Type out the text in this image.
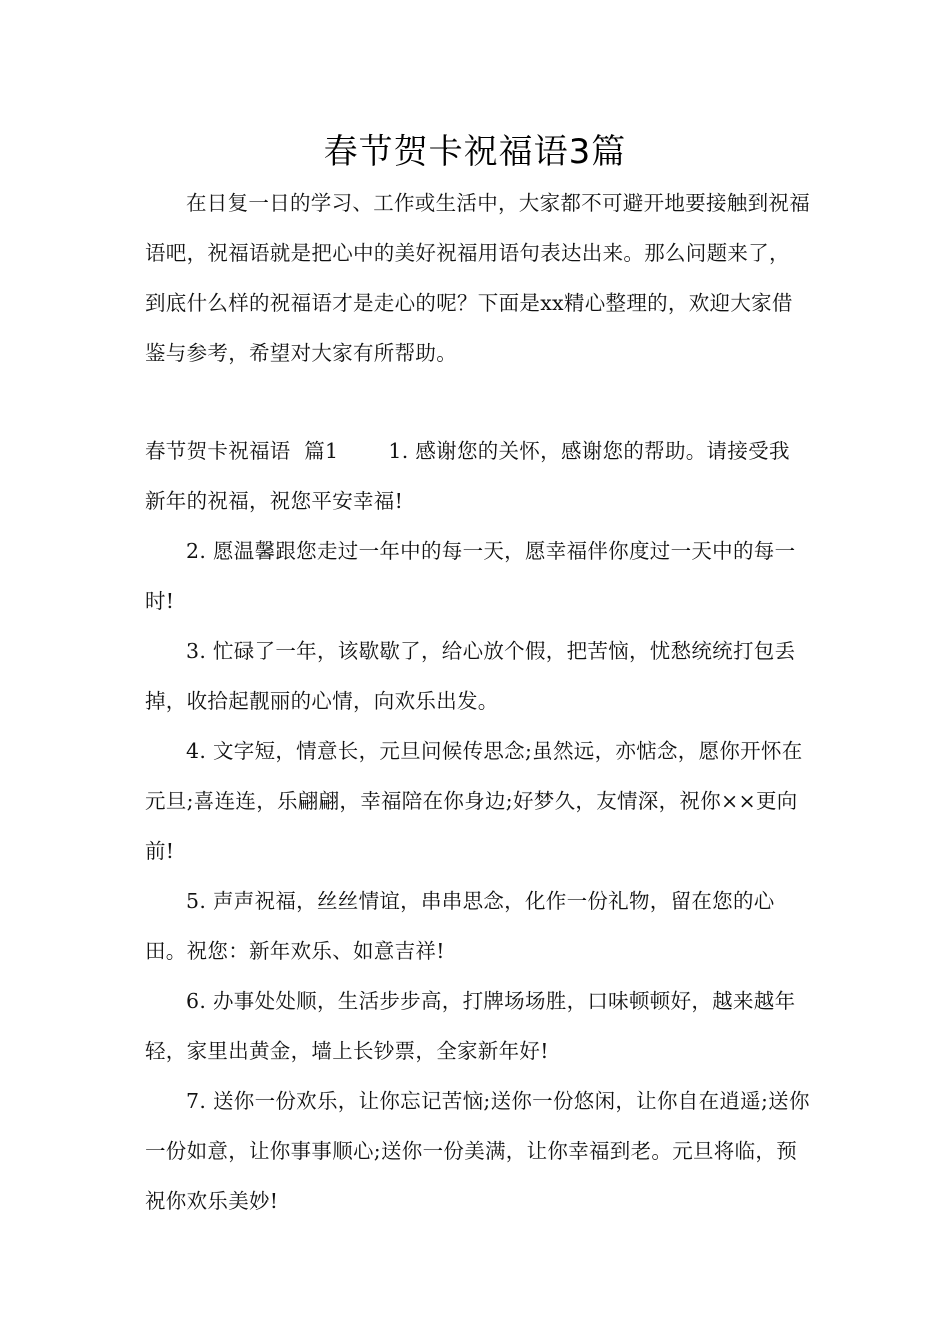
春节贺卡祝福语3篇

在日复一日的学习、工作或生活中，大家都不可避开地要接触到祝福语吧，祝福语就是把心中的美好祝福用语句表达出来。那么问题来了，到底什么样的祝福语才是走心的呢？下面是xx精心整理的，欢迎大家借鉴与参考，希望对大家有所帮助。

春节贺卡祝福语  篇1 1. 感谢您的关怀，感谢您的帮助。请接受我新年的祝福，祝您平安幸福!

2. 愿温馨跟您走过一年中的每一天，愿幸福伴你度过一天中的每一时!

3. 忙碌了一年，该歇歇了，给心放个假，把苦恼，忧愁统统打包丢掉，收拾起靓丽的心情，向欢乐出发。

4. 文字短，情意长，元旦问候传思念;虽然远，亦惦念，愿你开怀在元旦;喜连连，乐翩翩，幸福陪在你身边;好梦久，友情深，祝你××更向前!

5. 声声祝福，丝丝情谊，串串思念，化作一份礼物，留在您的心田。祝您：新年欢乐、如意吉祥!

6. 办事处处顺，生活步步高，打牌场场胜，口味顿顿好，越来越年轻，家里出黄金，墙上长钞票，全家新年好!

7. 送你一份欢乐，让你忘记苦恼;送你一份悠闲，让你自在逍遥;送你一份如意，让你事事顺心;送你一份美满，让你幸福到老。元旦将临，预祝你欢乐美妙!
